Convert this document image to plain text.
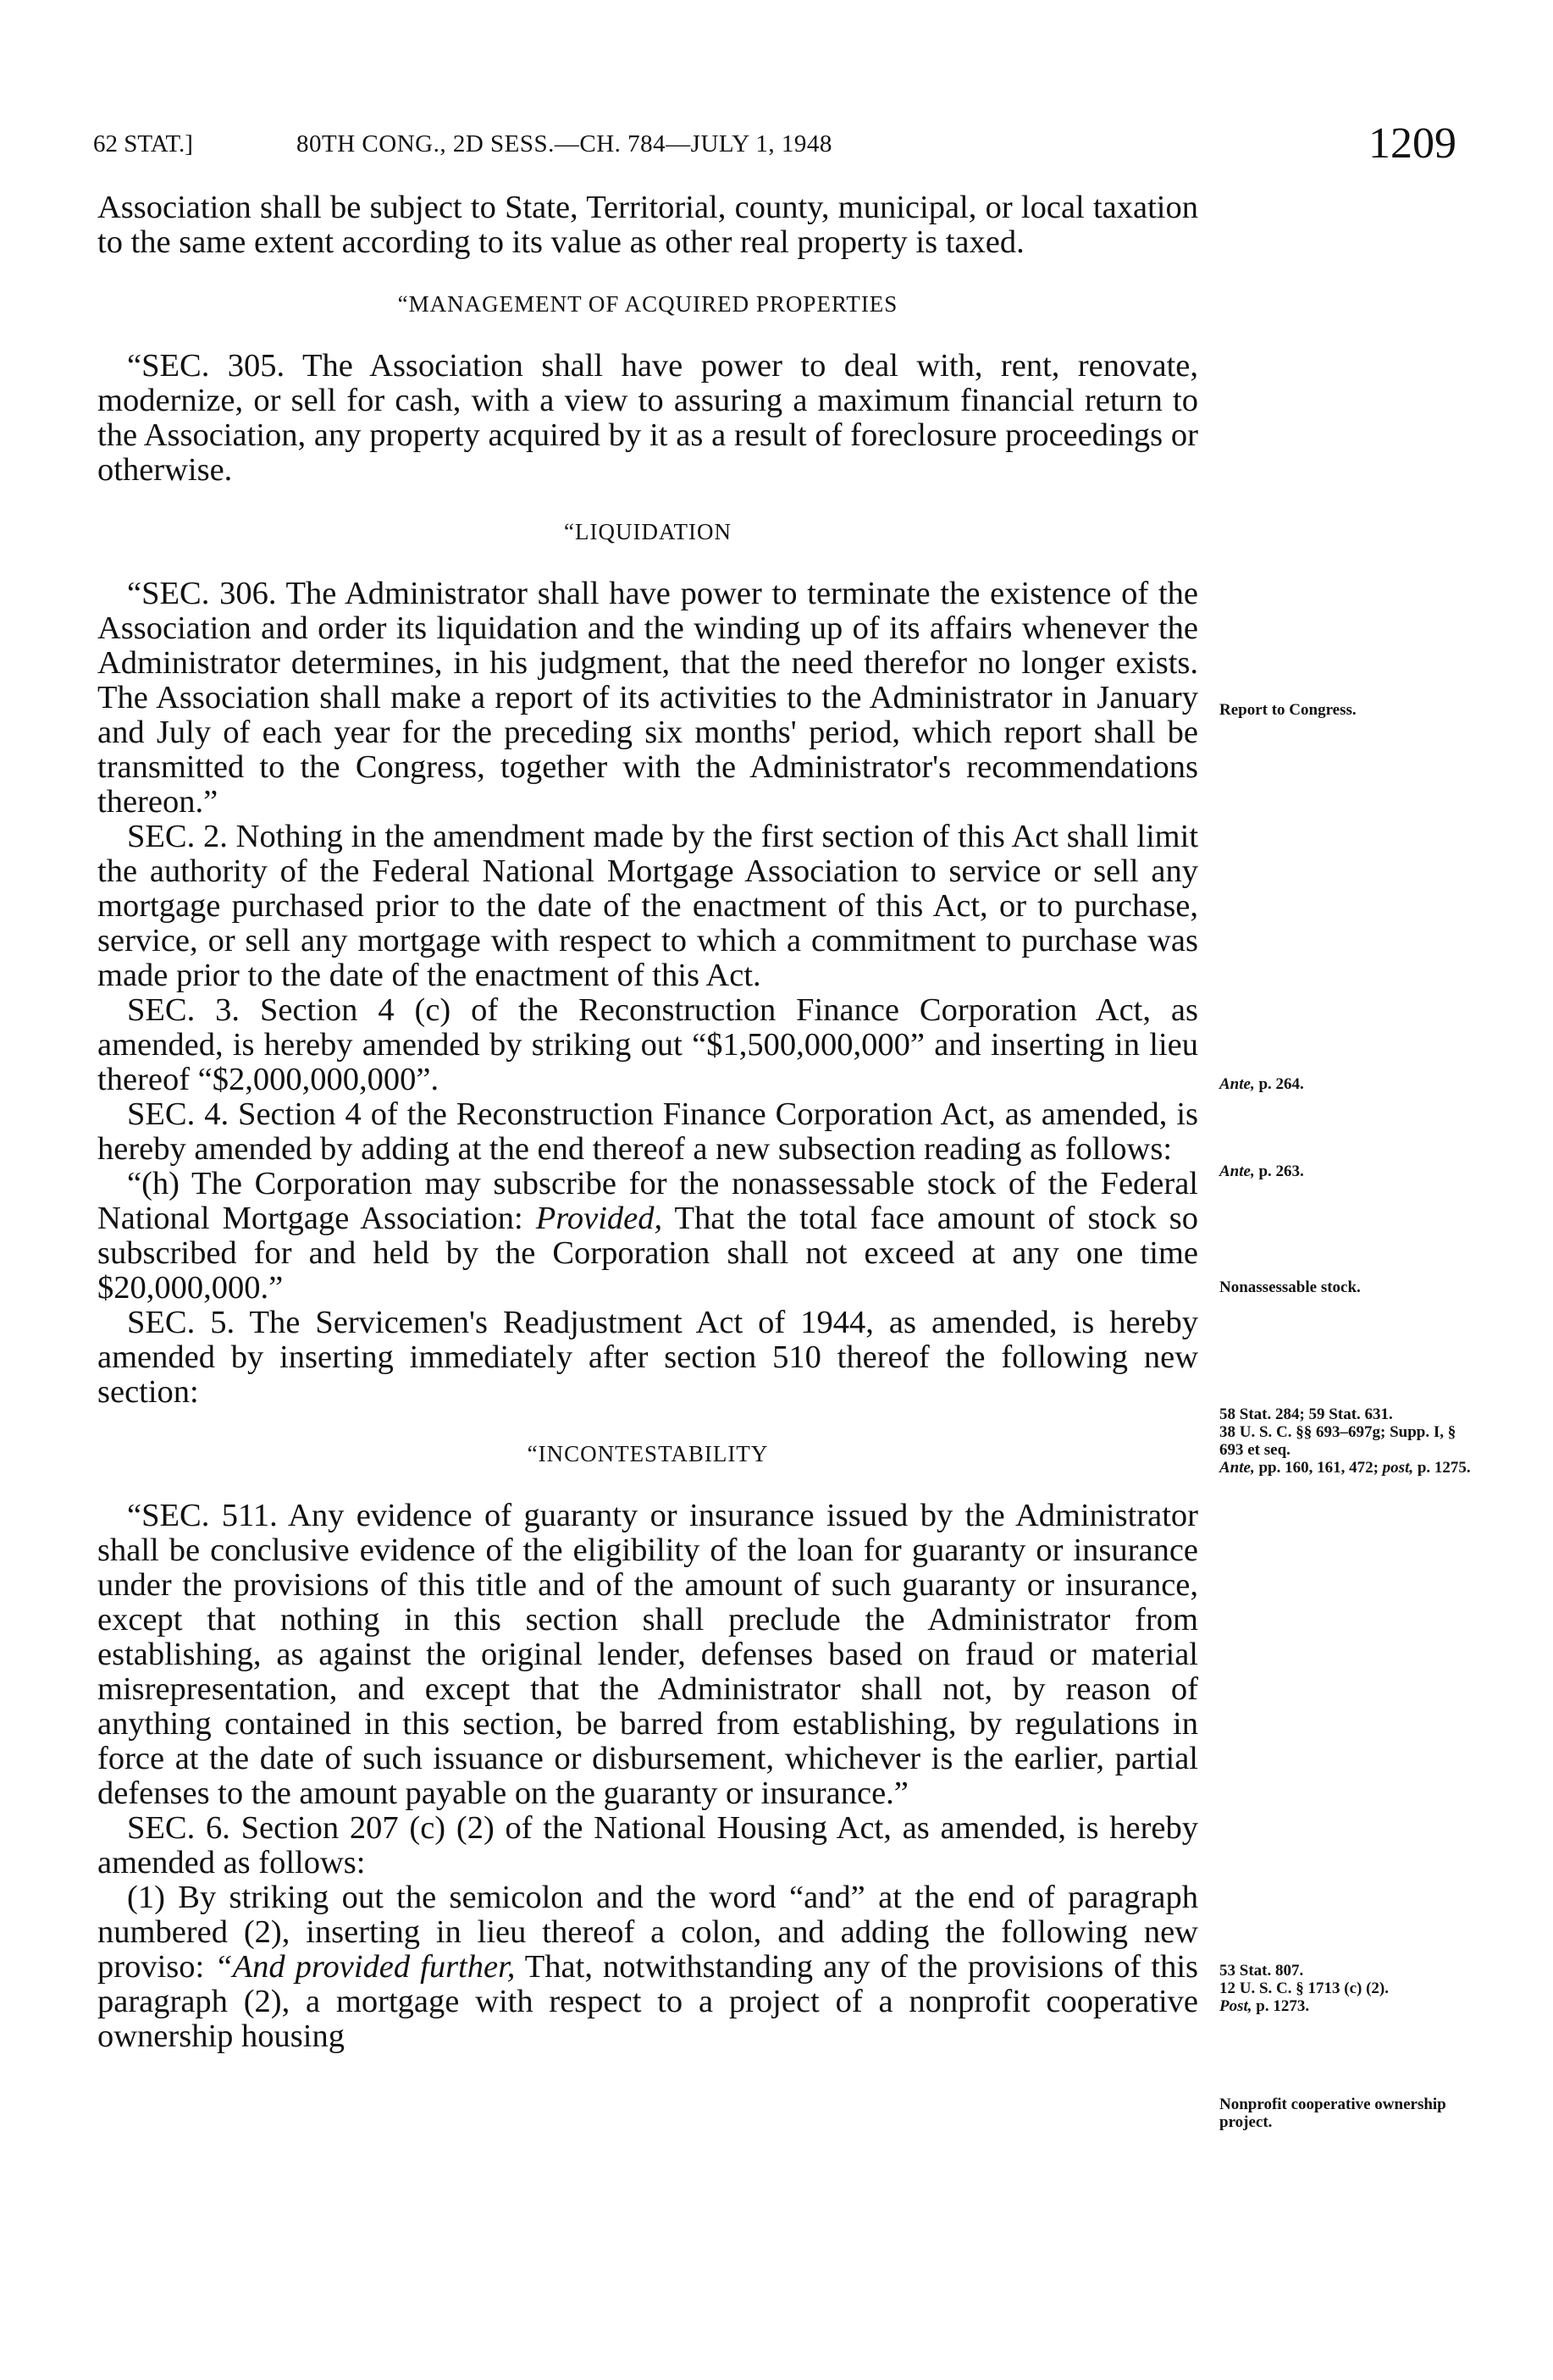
62 STAT.]	80TH CONG., 2D SESS.—CH. 784—JULY 1, 1948	1209

Association shall be subject to State, Territorial, county, municipal, or local taxation to the same extent according to its value as other real property is taxed.

“MANAGEMENT OF ACQUIRED PROPERTIES

“SEC. 305. The Association shall have power to deal with, rent, renovate, modernize, or sell for cash, with a view to assuring a maximum financial return to the Association, any property acquired by it as a result of foreclosure proceedings or otherwise.

“LIQUIDATION

“SEC. 306. The Administrator shall have power to terminate the existence of the Association and order its liquidation and the winding up of its affairs whenever the Administrator determines, in his judgment, that the need therefor no longer exists. The Association shall make a report of its activities to the Administrator in January and July of each year for the preceding six months' period, which report shall be transmitted to the Congress, together with the Administrator's recommendations thereon.”

SEC. 2. Nothing in the amendment made by the first section of this Act shall limit the authority of the Federal National Mortgage Association to service or sell any mortgage purchased prior to the date of the enactment of this Act, or to purchase, service, or sell any mortgage with respect to which a commitment to purchase was made prior to the date of the enactment of this Act.

SEC. 3. Section 4 (c) of the Reconstruction Finance Corporation Act, as amended, is hereby amended by striking out “$1,500,000,000” and inserting in lieu thereof “$2,000,000,000”.

SEC. 4. Section 4 of the Reconstruction Finance Corporation Act, as amended, is hereby amended by adding at the end thereof a new subsection reading as follows:

“(h) The Corporation may subscribe for the nonassessable stock of the Federal National Mortgage Association: Provided, That the total face amount of stock so subscribed for and held by the Corporation shall not exceed at any one time $20,000,000.”

SEC. 5. The Servicemen's Readjustment Act of 1944, as amended, is hereby amended by inserting immediately after section 510 thereof the following new section:

“INCONTESTABILITY

“SEC. 511. Any evidence of guaranty or insurance issued by the Administrator shall be conclusive evidence of the eligibility of the loan for guaranty or insurance under the provisions of this title and of the amount of such guaranty or insurance, except that nothing in this section shall preclude the Administrator from establishing, as against the original lender, defenses based on fraud or material misrepresentation, and except that the Administrator shall not, by reason of anything contained in this section, be barred from establishing, by regulations in force at the date of such issuance or disbursement, whichever is the earlier, partial defenses to the amount payable on the guaranty or insurance.”

SEC. 6. Section 207 (c) (2) of the National Housing Act, as amended, is hereby amended as follows:

(1) By striking out the semicolon and the word “and” at the end of paragraph numbered (2), inserting in lieu thereof a colon, and adding the following new proviso: “And provided further, That, notwithstanding any of the provisions of this paragraph (2), a mortgage with respect to a project of a nonprofit cooperative ownership housing

Report to Congress.
Ante, p. 264.
Ante, p. 263.
Nonassessable stock.
58 Stat. 284; 59 Stat. 631.
38 U. S. C. §§ 693–697g; Supp. I, § 693 et seq.
Ante, pp. 160, 161, 472; post, p. 1275.
53 Stat. 807.
12 U. S. C. § 1713 (c) (2).
Post, p. 1273.
Nonprofit cooperative ownership project.
